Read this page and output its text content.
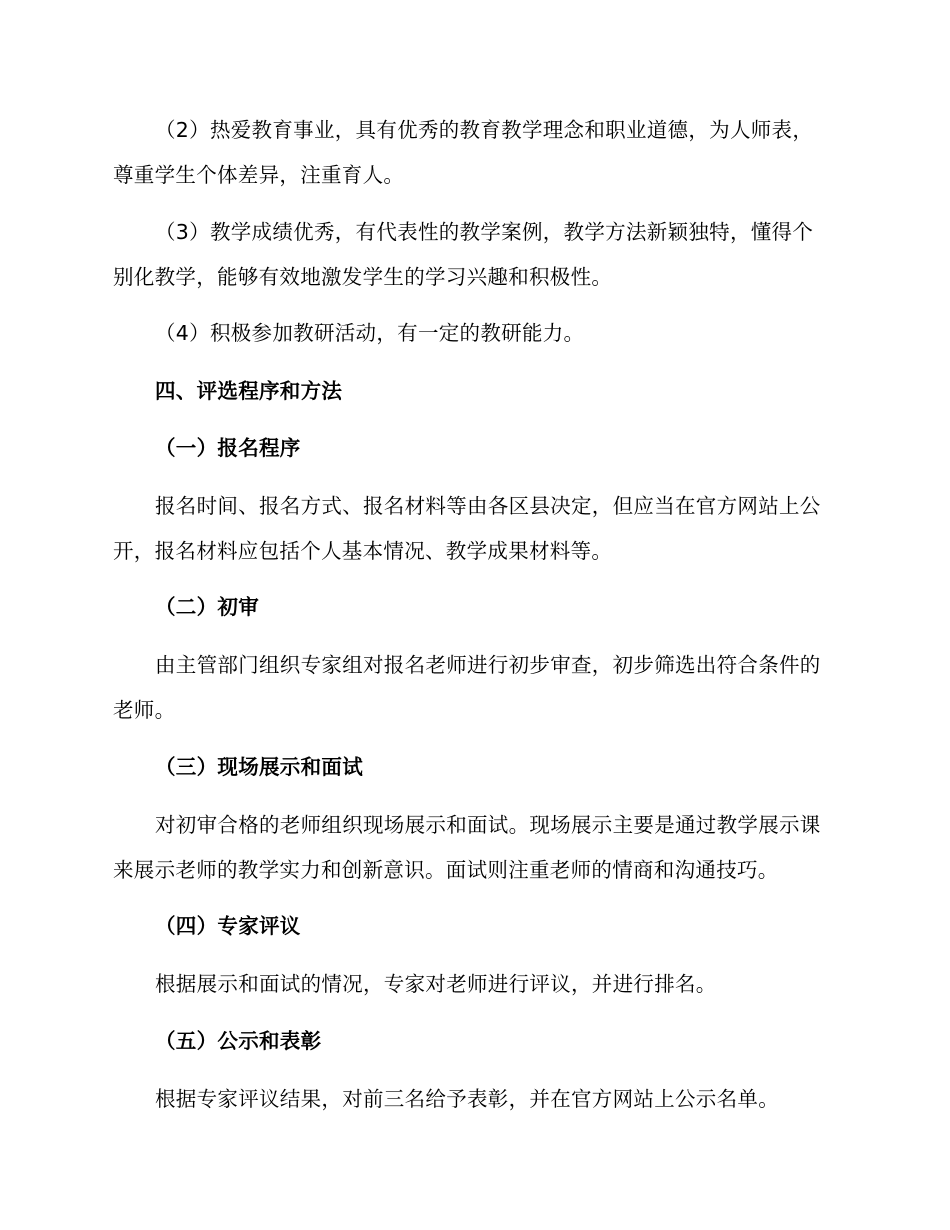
（2）热爱教育事业，具有优秀的教育教学理念和职业道德，为人师表，尊重学生个体差异，注重育人。
（3）教学成绩优秀，有代表性的教学案例，教学方法新颖独特，懂得个别化教学，能够有效地激发学生的学习兴趣和积极性。
（4）积极参加教研活动，有一定的教研能力。
四、评选程序和方法
（一）报名程序
报名时间、报名方式、报名材料等由各区县决定，但应当在官方网站上公开，报名材料应包括个人基本情况、教学成果材料等。
（二）初审
由主管部门组织专家组对报名老师进行初步审查，初步筛选出符合条件的老师。
（三）现场展示和面试
对初审合格的老师组织现场展示和面试。现场展示主要是通过教学展示课来展示老师的教学实力和创新意识。面试则注重老师的情商和沟通技巧。
（四）专家评议
根据展示和面试的情况，专家对老师进行评议，并进行排名。
（五）公示和表彰
根据专家评议结果，对前三名给予表彰，并在官方网站上公示名单。
